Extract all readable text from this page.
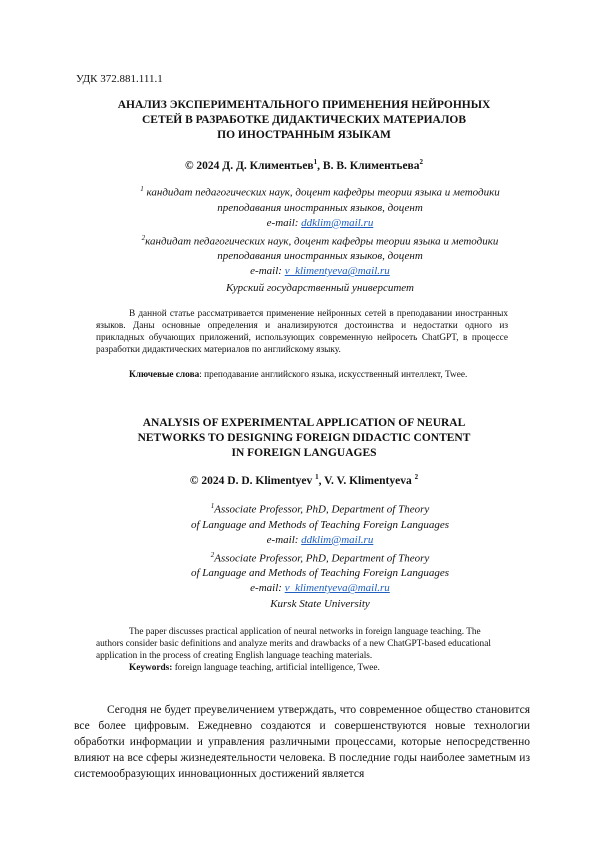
УДК 372.881.111.1

АНАЛИЗ ЭКСПЕРИМЕНТАЛЬНОГО ПРИМЕНЕНИЯ НЕЙРОННЫХ
СЕТЕЙ В РАЗРАБОТКЕ ДИДАКТИЧЕСКИХ МАТЕРИАЛОВ
ПО ИНОСТРАННЫМ ЯЗЫКАМ
© 2024 Д. Д. Климентьев$^1$, В. В. Климентьева$^2$
$^1$ кандидат педагогических наук, доцент кафедры теории языка и методики
преподавания иностранных языков, доцент
e-mail: ddklim@mail.ru
$^2$кандидат педагогических наук, доцент кафедры теории языка и методики
преподавания иностранных языков, доцент
e-mail: v_klimentyeva@mail.ru

Курский государственный университет

В данной статье рассматривается применение нейронных сетей в преподавании иностранных языков. Даны основные определения и анализируются достоинства и недостатки одного из прикладных обучающих приложений, использующих современную нейросеть ChatGPT, в процессе разработки дидактических материалов по английскому языку.

Ключевые слова: преподавание английского языка, искусственный интеллект, Twee.

ANALYSIS OF EXPERIMENTAL APPLICATION OF NEURAL
NETWORKS TO DESIGNING FOREIGN DIDACTIC CONTENT
IN FOREIGN LANGUAGES
© 2024 D. D. Klimentyev $^1$, V. V. Klimentyeva $^2$
$^1$Associate Professor, PhD, Department of Theory
of Language and Methods of Teaching Foreign Languages
e-mail: ddklim@mail.ru
$^2$Associate Professor, PhD, Department of Theory
of Language and Methods of Teaching Foreign Languages
e-mail: v_klimentyeva@mail.ru

Kursk State University

The paper discusses practical application of neural networks in foreign language teaching. The authors consider basic definitions and analyze merits and drawbacks of a new ChatGPT-based educational application in the process of creating English language teaching materials.

Keywords: foreign language teaching, artificial intelligence, Twee.

Сегодня не будет преувеличением утверждать, что современное общество становится все более цифровым. Ежедневно создаются и совершенствуются новые технологии обработки информации и управления различными процессами, которые непосредственно влияют на все сферы жизнедеятельности человека. В последние годы наиболее заметным из системообразующих инновационных достижений является
